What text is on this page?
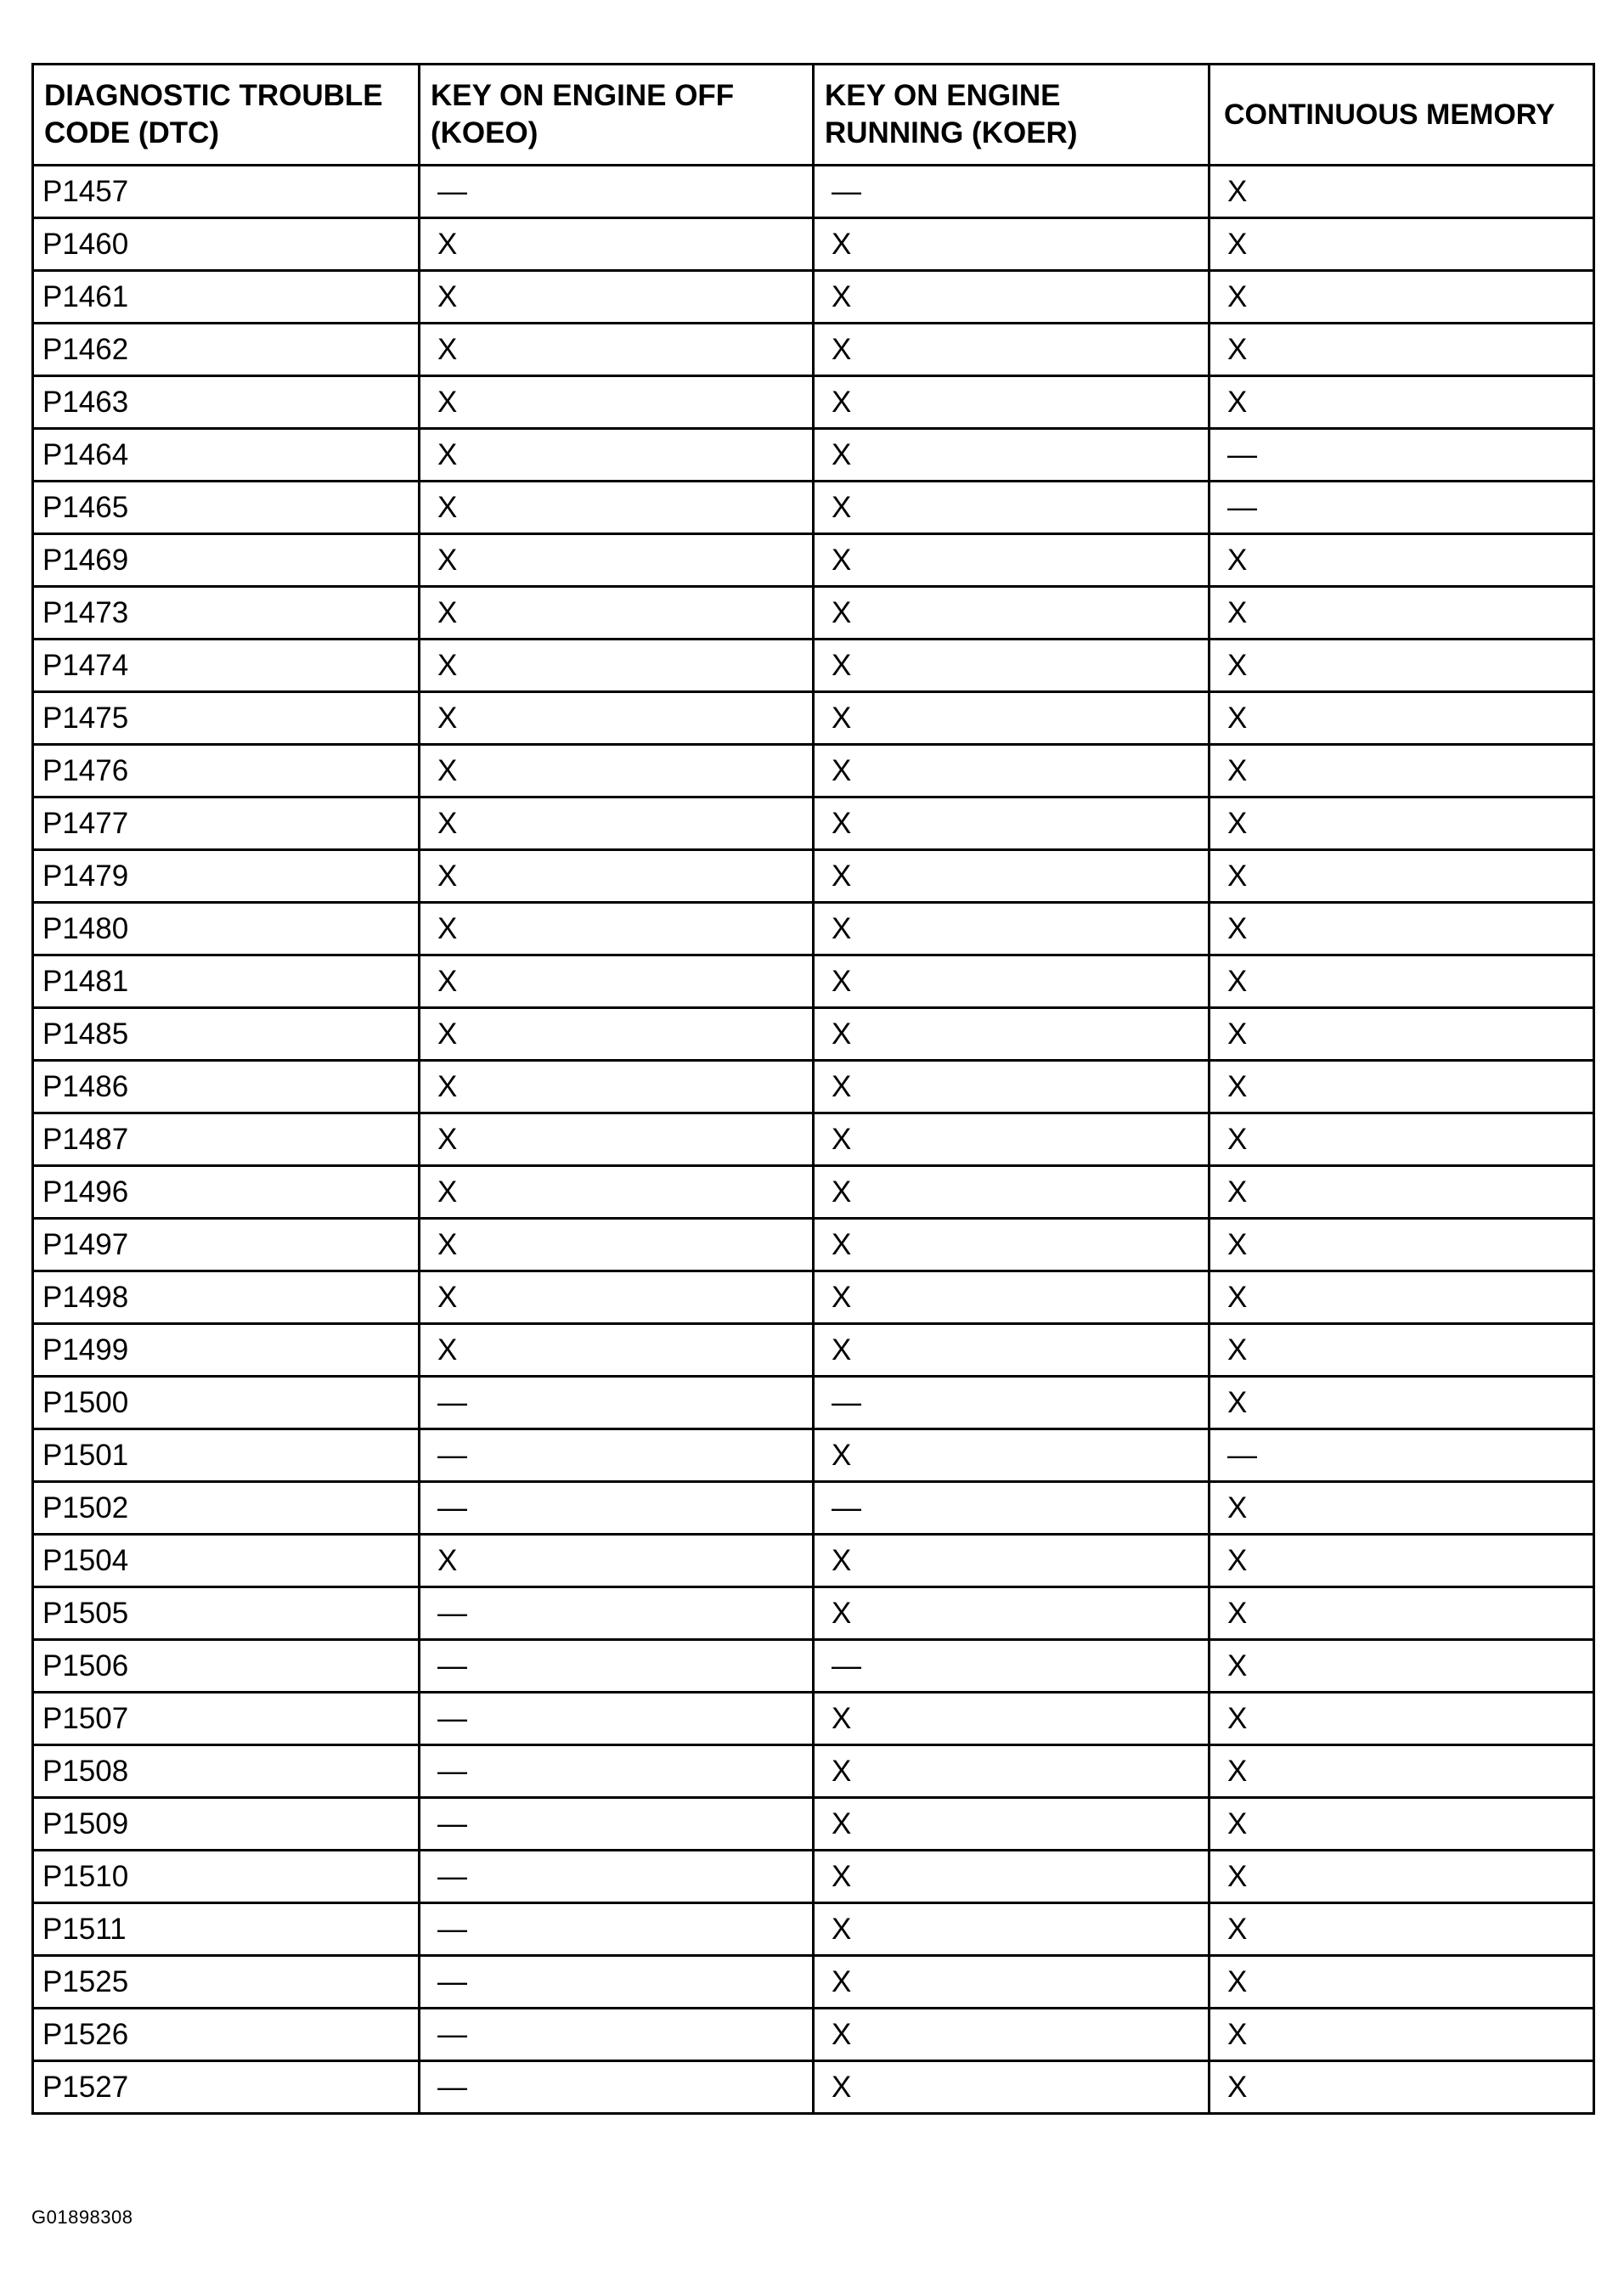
DIAGNOSTIC TROUBLE CODE (DTC)	KEY ON ENGINE OFF (KOEO)	KEY ON ENGINE RUNNING (KOER)	CONTINUOUS MEMORY
P1457	—	—	X
P1460	X	X	X
P1461	X	X	X
P1462	X	X	X
P1463	X	X	X
P1464	X	X	—
P1465	X	X	—
P1469	X	X	X
P1473	X	X	X
P1474	X	X	X
P1475	X	X	X
P1476	X	X	X
P1477	X	X	X
P1479	X	X	X
P1480	X	X	X
P1481	X	X	X
P1485	X	X	X
P1486	X	X	X
P1487	X	X	X
P1496	X	X	X
P1497	X	X	X
P1498	X	X	X
P1499	X	X	X
P1500	—	—	X
P1501	—	X	—
P1502	—	—	X
P1504	X	X	X
P1505	—	X	X
P1506	—	—	X
P1507	—	X	X
P1508	—	X	X
P1509	—	X	X
P1510	—	X	X
P1511	—	X	X
P1525	—	X	X
P1526	—	X	X
P1527	—	X	X
G01898308
